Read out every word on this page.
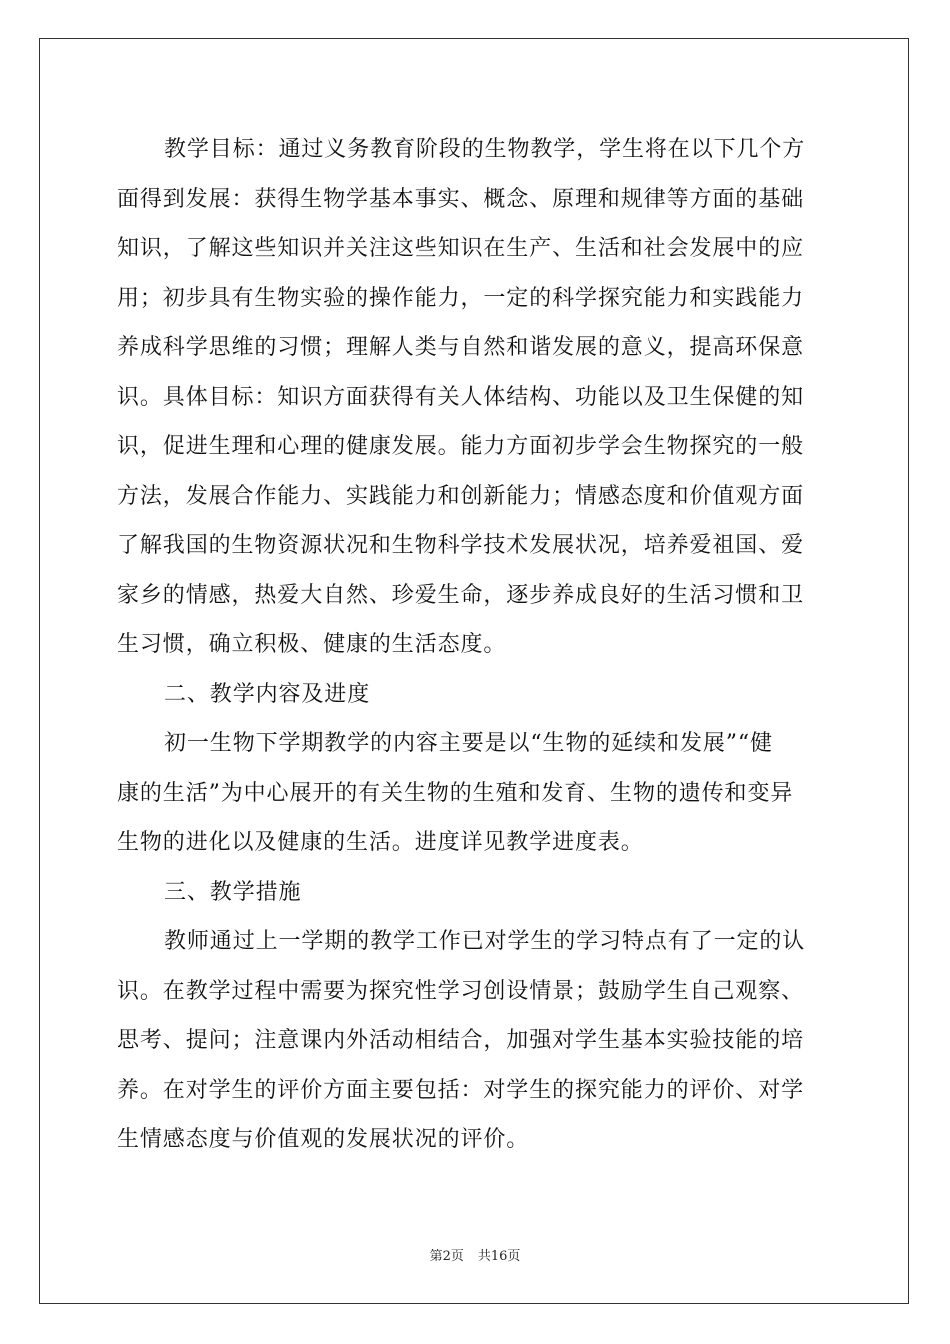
教学目标：通过义务教育阶段的生物教学，学生将在以下几个方
面得到发展：获得生物学基本事实、概念、原理和规律等方面的基础
知识，了解这些知识并关注这些知识在生产、生活和社会发展中的应
用；初步具有生物实验的操作能力，一定的科学探究能力和实践能力
养成科学思维的习惯；理解人类与自然和谐发展的意义，提高环保意
识。具体目标：知识方面获得有关人体结构、功能以及卫生保健的知
识，促进生理和心理的健康发展。能力方面初步学会生物探究的一般
方法，发展合作能力、实践能力和创新能力；情感态度和价值观方面
了解我国的生物资源状况和生物科学技术发展状况，培养爱祖国、爱
家乡的情感，热爱大自然、珍爱生命，逐步养成良好的生活习惯和卫
生习惯，确立积极、健康的生活态度。
二、教学内容及进度
初一生物下学期教学的内容主要是以“生物的延续和发展”“健
康的生活”为中心展开的有关生物的生殖和发育、生物的遗传和变异
生物的进化以及健康的生活。进度详见教学进度表。
三、教学措施
教师通过上一学期的教学工作已对学生的学习特点有了一定的认
识。在教学过程中需要为探究性学习创设情景；鼓励学生自己观察、
思考、提问；注意课内外活动相结合，加强对学生基本实验技能的培
养。在对学生的评价方面主要包括：对学生的探究能力的评价、对学
生情感态度与价值观的发展状况的评价。
第2页 共16页
